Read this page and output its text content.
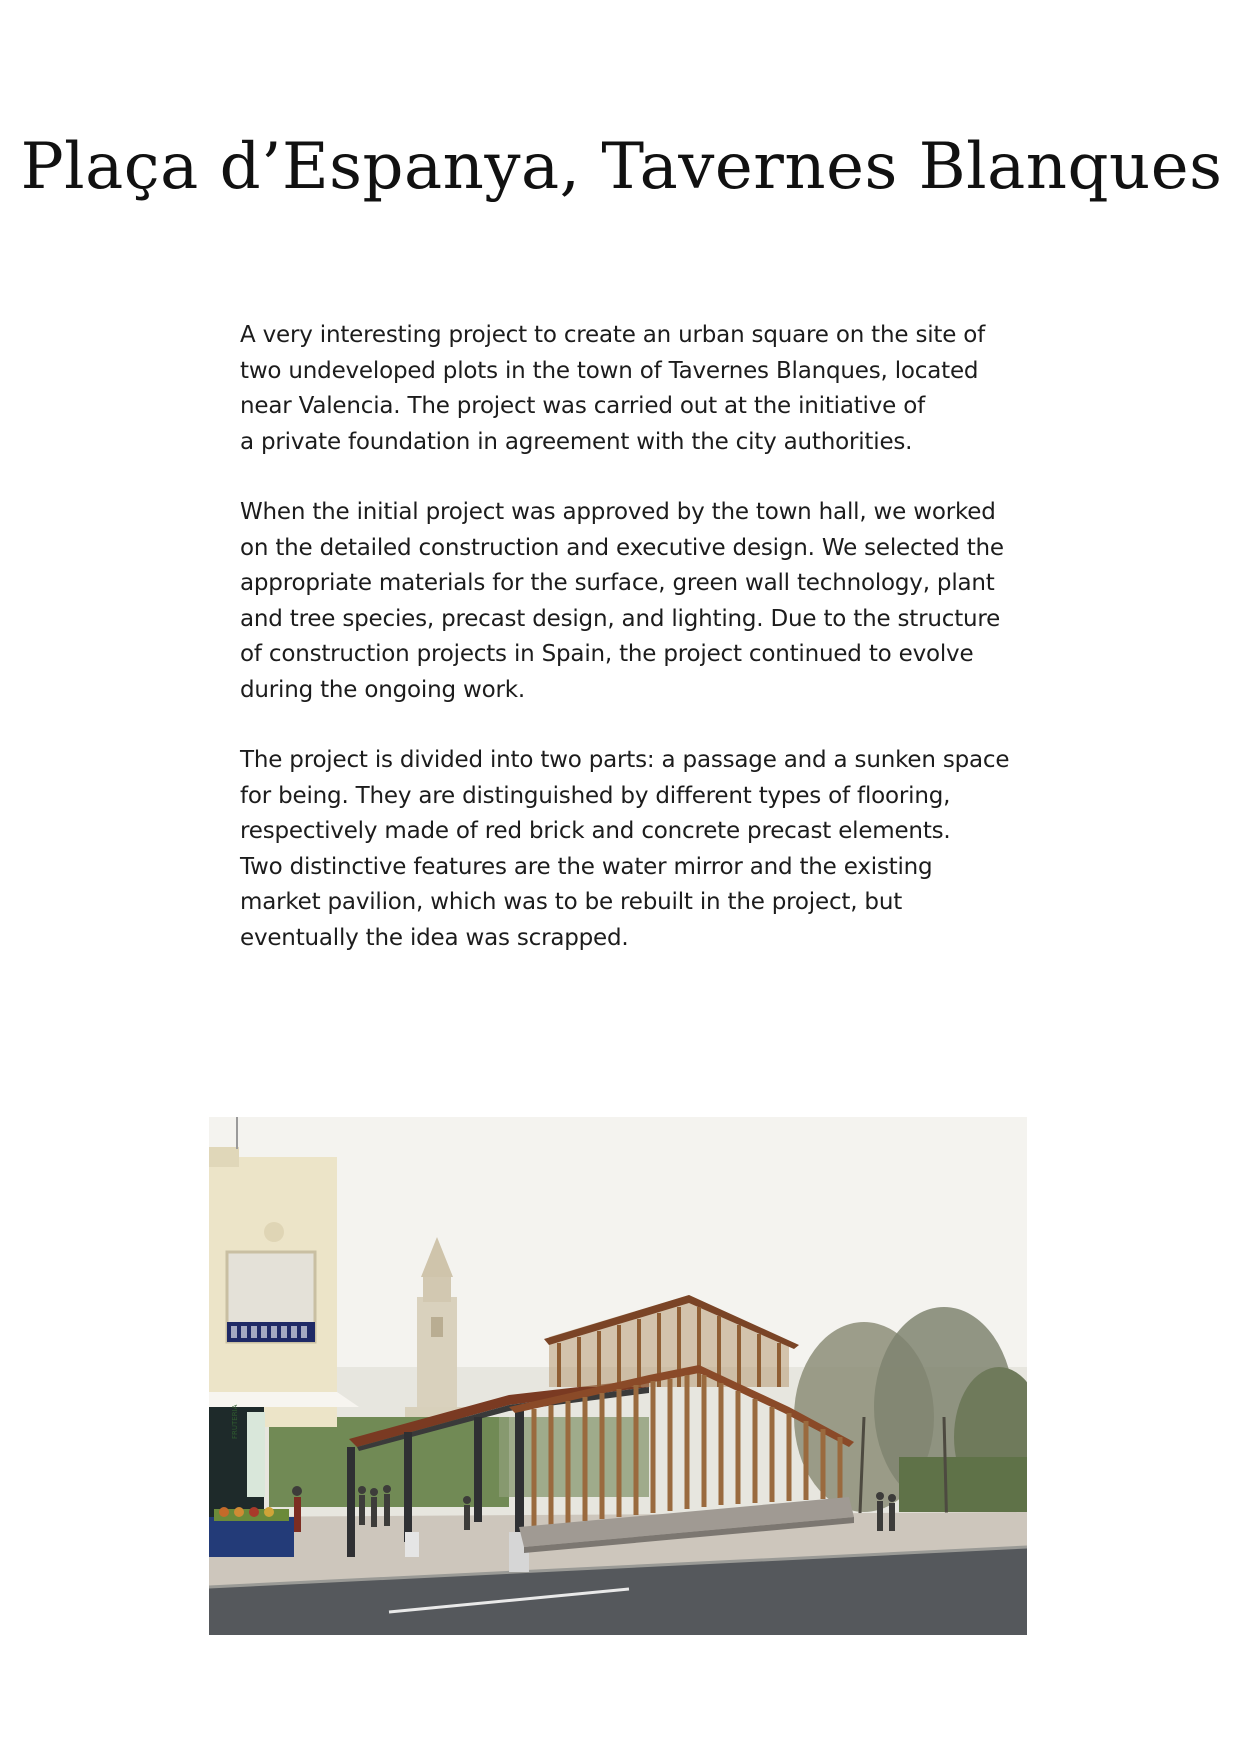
Plaça d’Espanya, Tavernes Blanques

A very interesting project to create an urban square on the site of
two undeveloped plots in the town of Tavernes Blanques, located
near Valencia. The project was carried out at the initiative of
a private foundation in agreement with the city authorities.

When the initial project was approved by the town hall, we worked
on the detailed construction and executive design. We selected the
appropriate materials for the surface, green wall technology, plant
and tree species, precast design, and lighting. Due to the structure
of construction projects in Spain, the project continued to evolve
during the ongoing work.

The project is divided into two parts: a passage and a sunken space
for being. They are distinguished by different types of flooring,
respectively made of red brick and concrete precast elements.
Two distinctive features are the water mirror and the existing
market pavilion, which was to be rebuilt in the project, but
eventually the idea was scrapped.

FRUTERIA
